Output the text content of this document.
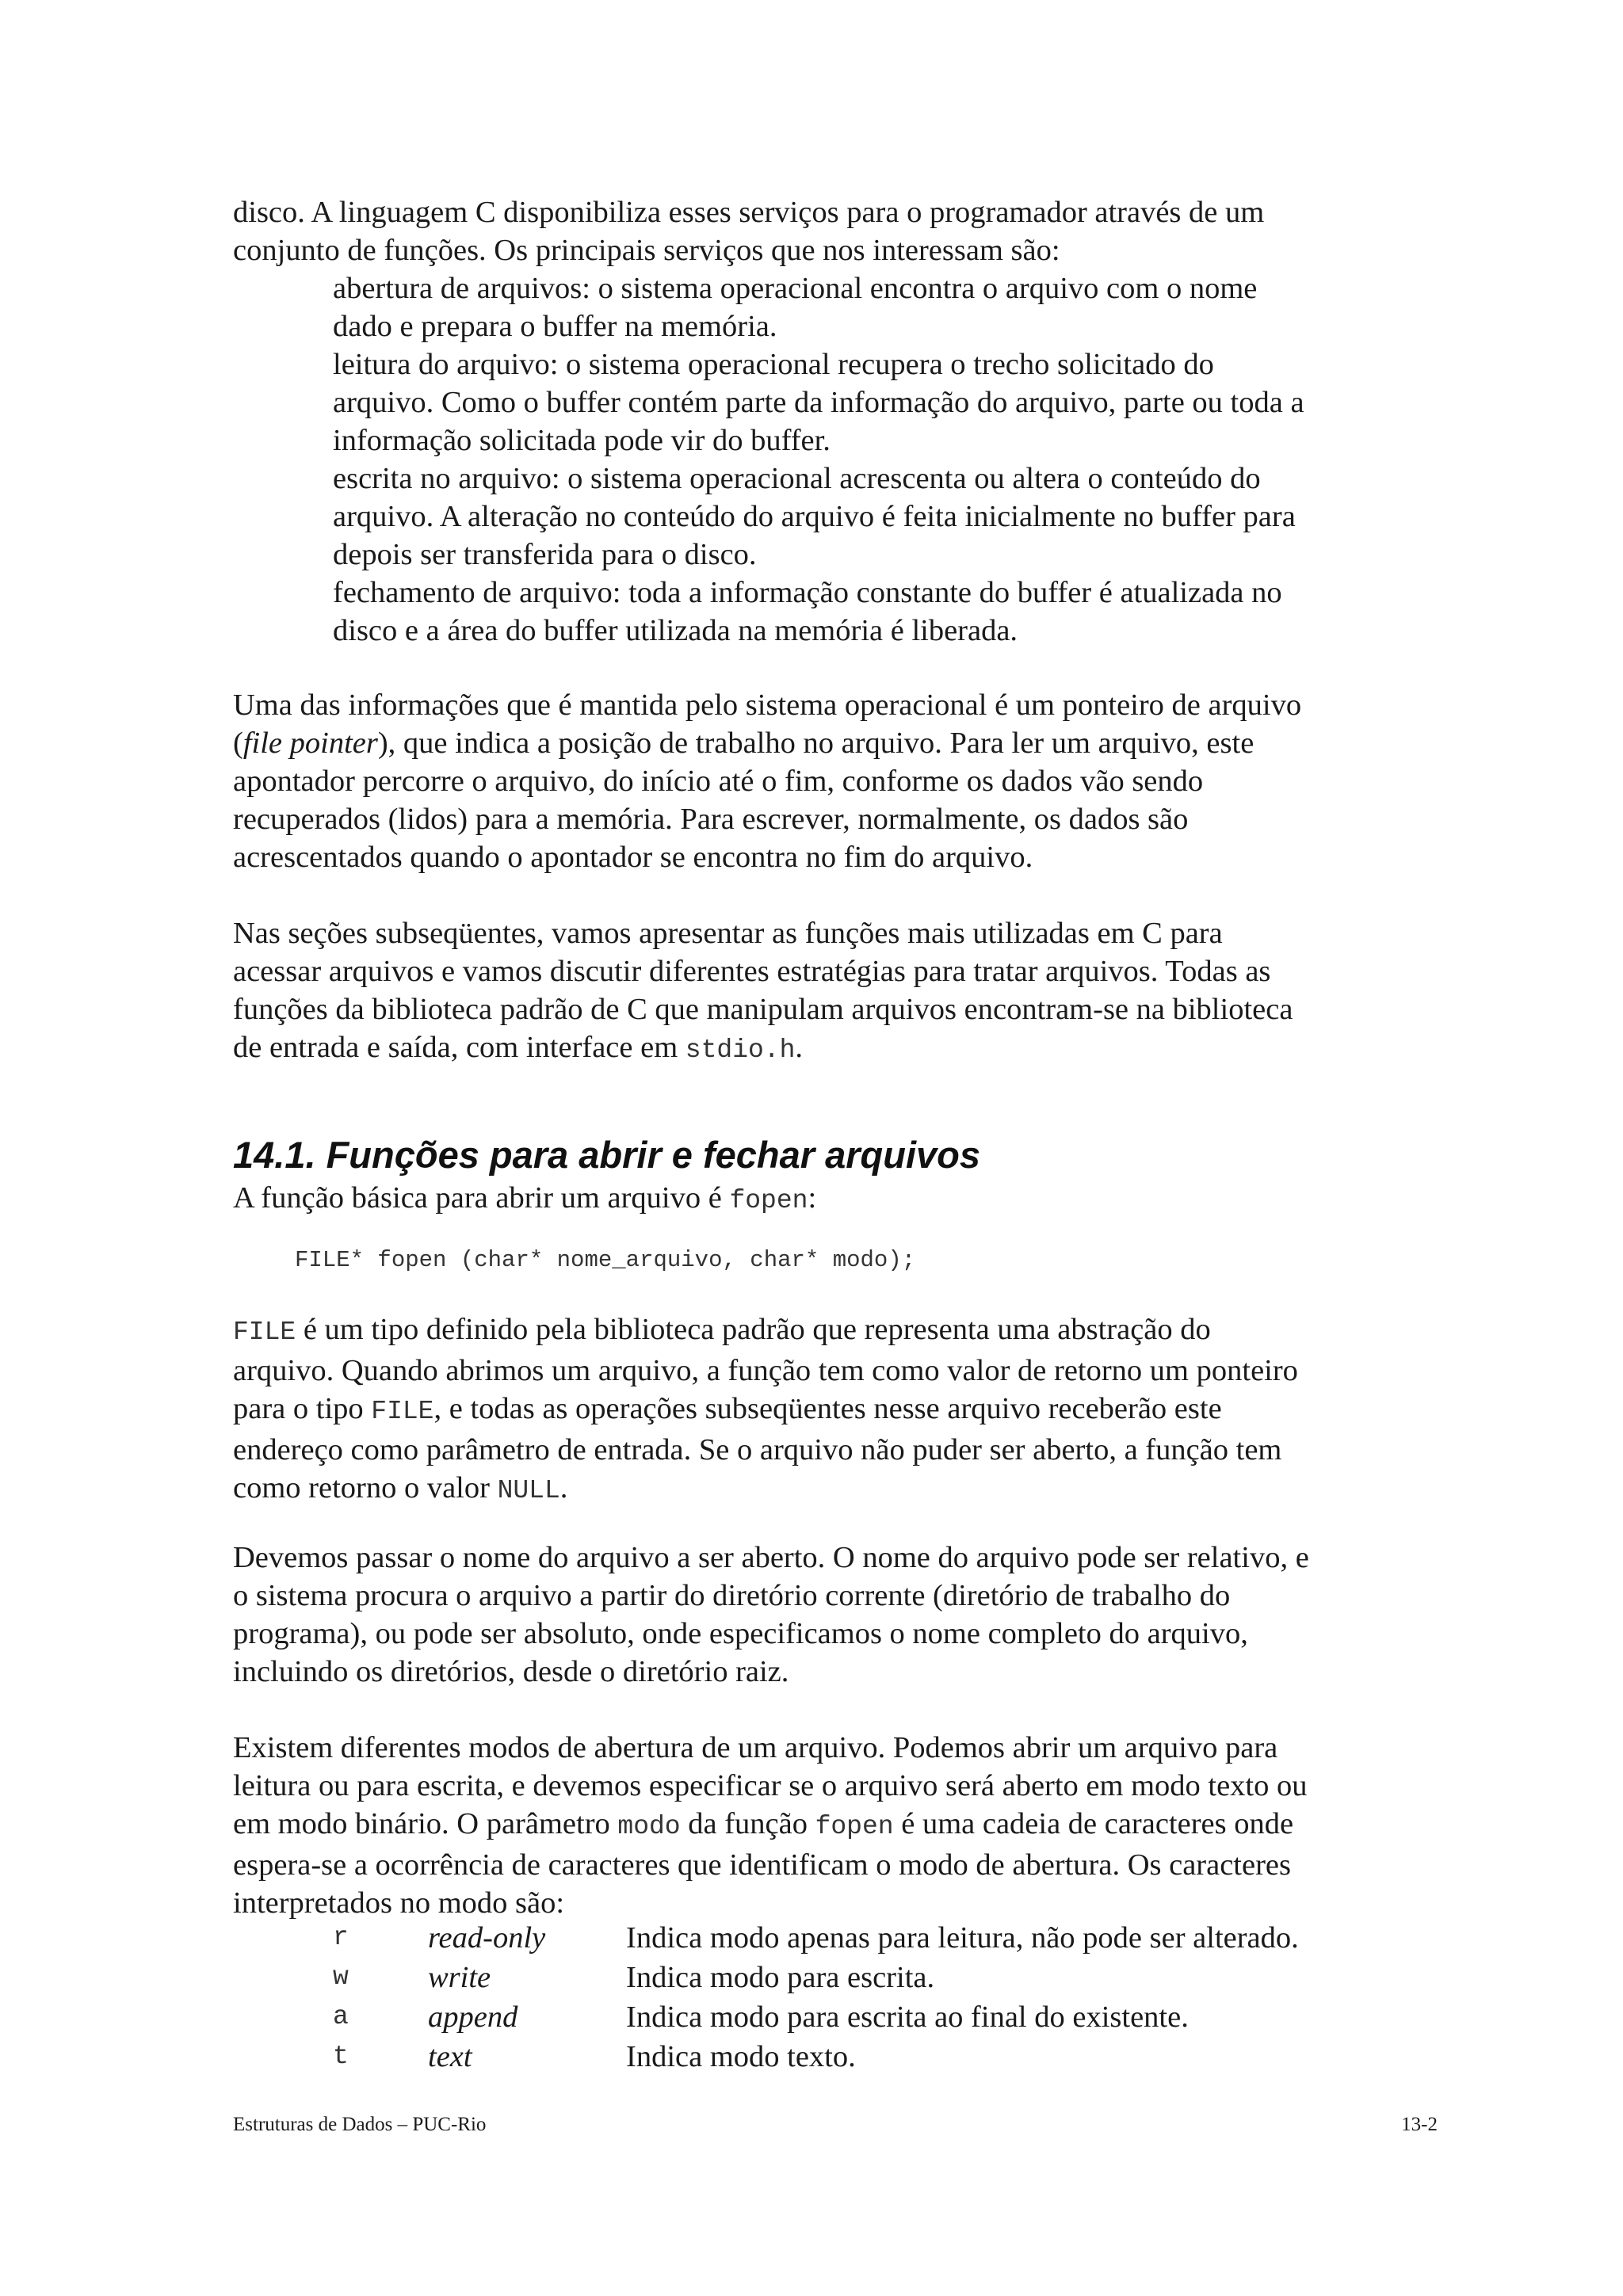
disco. A linguagem C disponibiliza esses serviços para o programador através de um
conjunto de funções. Os principais serviços que nos interessam são:

abertura de arquivos: o sistema operacional encontra o arquivo com o nome
dado e prepara o buffer na memória.
leitura do arquivo: o sistema operacional recupera o trecho solicitado do
arquivo. Como o buffer contém parte da informação do arquivo, parte ou toda a
informação solicitada pode vir do buffer.
escrita no arquivo: o sistema operacional acrescenta ou altera o conteúdo do
arquivo. A alteração no conteúdo do arquivo é feita inicialmente no buffer para
depois ser transferida para o disco.
fechamento de arquivo: toda a informação constante do buffer é atualizada no
disco e a área do buffer utilizada na memória é liberada.

Uma das informações que é mantida pelo sistema operacional é um ponteiro de arquivo
(file pointer), que indica a posição de trabalho no arquivo. Para ler um arquivo, este
apontador percorre o arquivo, do início até o fim, conforme os dados vão sendo
recuperados (lidos) para a memória. Para escrever, normalmente, os dados são
acrescentados quando o apontador se encontra no fim do arquivo.

Nas seções subseqüentes, vamos apresentar as funções mais utilizadas em C para
acessar arquivos e vamos discutir diferentes estratégias para tratar arquivos. Todas as
funções da biblioteca padrão de C que manipulam arquivos encontram-se na biblioteca
de entrada e saída, com interface em stdio.h.

14.1. Funções para abrir e fechar arquivos

A função básica para abrir um arquivo é fopen:

FILE* fopen (char* nome_arquivo, char* modo);

FILE é um tipo definido pela biblioteca padrão que representa uma abstração do
arquivo. Quando abrimos um arquivo, a função tem como valor de retorno um ponteiro
para o tipo FILE, e todas as operações subseqüentes nesse arquivo receberão este
endereço como parâmetro de entrada. Se o arquivo não puder ser aberto, a função tem
como retorno o valor NULL.

Devemos passar o nome do arquivo a ser aberto. O nome do arquivo pode ser relativo, e
o sistema procura o arquivo a partir do diretório corrente (diretório de trabalho do
programa), ou pode ser absoluto, onde especificamos o nome completo do arquivo,
incluindo os diretórios, desde o diretório raiz.

Existem diferentes modos de abertura de um arquivo. Podemos abrir um arquivo para
leitura ou para escrita, e devemos especificar se o arquivo será aberto em modo texto ou
em modo binário. O parâmetro modo da função fopen é uma cadeia de caracteres onde
espera-se a ocorrência de caracteres que identificam o modo de abertura. Os caracteres
interpretados no modo são:

r	read-only	Indica modo apenas para leitura, não pode ser alterado.
w	write	Indica modo para escrita.
a	append	Indica modo para escrita ao final do existente.
t	text	Indica modo texto.
Estruturas de Dados – PUC-Rio	13-2
